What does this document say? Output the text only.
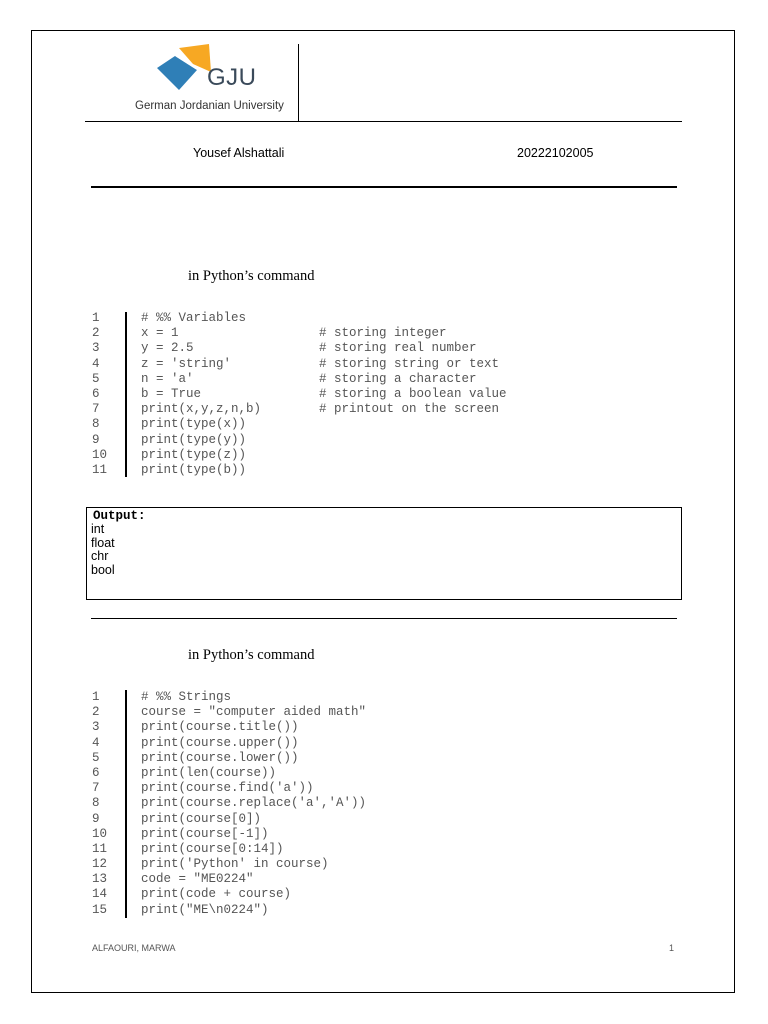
GJU
German Jordanian University
Yousef Alshattali	20222102005
in Python’s command
1	# %% Variables
2	x = 1	# storing integer
3	y = 2.5	# storing real number
4	z = 'string'	# storing string or text
5	n = 'a'	# storing a character
6	b = True	# storing a boolean value
7	print(x,y,z,n,b)	# printout on the screen
8	print(type(x))
9	print(type(y))
10	print(type(z))
11	print(type(b))
Output:
int
float
chr
bool
in Python’s command
1	# %% Strings
2	course = "computer aided math"
3	print(course.title())
4	print(course.upper())
5	print(course.lower())
6	print(len(course))
7	print(course.find('a'))
8	print(course.replace('a','A'))
9	print(course[0])
10	print(course[-1])
11	print(course[0:14])
12	print('Python' in course)
13	code = "ME0224"
14	print(code + course)
15	print("ME\n0224")
ALFAOURI, MARWA	1
